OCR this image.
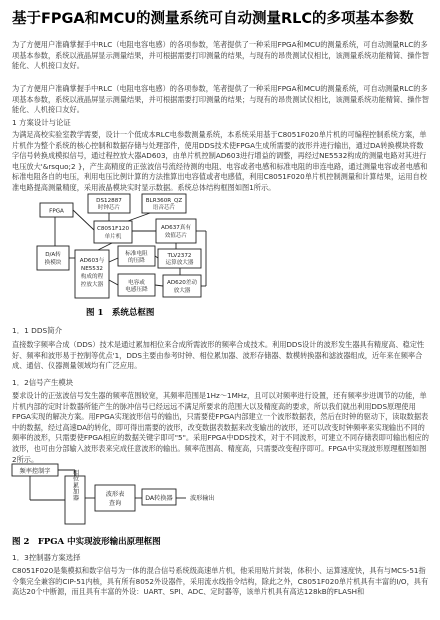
基于FPGA和MCU的测量系统可自动测量RLC的多项基本参数

为了方便用户准确掌握手中RLC（电阻电容电感）的各项参数，笔者提供了一种采用FPGA和MCU的测量系统，可自动测量RLC的多项基本参数，系统以液晶屏显示测量结果，并可根据需要打印测量的结果，与现有的昂贵测试仪相比，该测量系统功能精简、操作智能化、人机接口友好。

为了方便用户准确掌握手中RLC（电阻电容电感）的各项参数，笔者提供了一种采用FPGA和MCU的测量系统，可自动测量RLC的多项基本参数，系统以液晶屏显示测量结果，并可根据需要打印测量的结果；与现有的昂贵测试仪相比，该测量系统功能精简、操作智能化、人机接口友好。

1 方案设计与论证

为满足高校实验室教学需要，设计一个低成本RLC电参数测量系统，本系统采用基于C8051F020单片机的可编程控制系统方案，单片机作为整个系统的核心控制和数据存储与处理部件，使用DDS技术使FPGA生成所需要的波形并进行输出，通过DA转换模块将数字信号转换成模拟信号，通过程控放大器AD603，由单片机控制AD603进行增益的调整，再经过NE5532构成的测量电路对其进行电压放大'&rsquo;2 }，产生高精度的正弦波信号流经待测的电阻、电容或者电感和标准电阻的串连电路，通过测量电容或者电感和标准电阻各自的电压，利用电压比例计算的方法推算出电容值或者电感值，利用C8051F020单片机控制测量和计算结果，运用自校准电路提高测量精度，采用液晶模块实时显示数据。系统总体结构框图如图1所示。

FPGA
DS12887
时钟芯片
BLR360R_QZ
语音芯片
C8051F120
单片机
AD637真有
效值芯片
D/A转
换模块	AD603与
NE5532
构成的程
控放大器
标准电阻
的压降
电容或
电感压降
TLV2372
运算放大器
AD620差动
放大器
图 1　系统总框图
1．1 DDS简介

直接数字频率合成（DDS）技术是通过累加相位来合成所需波形的频率合成技术。利用DDS设计的波形发生器具有精度高、稳定性好、频率和波形易于控制等优点'1，DDS主要由参考时钟、相位累加器、波形存储器、数模转换器和滤波器组成，近年来在频率合成、通信、仪器测量领域均有广泛应用。

1．2信号产生模块

要求设计的正弦波信号发生器的频率范围较宽，其频率范围是1Hz～1MHz，且可以对频率进行设置，还有频率步进调节的功能，单片机内部的定时计数器所能产生的脉冲信号已经远远不满足所要求的范围大以及精度高的要求，所以我们就出利用DDS原理使用FPGA实现的解决方案。用FPGA实现波形信号的输出，只需要使FPGA内部建立一个波形数据表，然后在时钟的驱动下，读取数据表中的数据，经过高速DA的转化，即可得出需要的波形，改变数据表数据来改变输出的波形，还可以改变时钟频率来实现输出不同的频率的波形，只需要使FPGA相应的数据关键字即可"5"。采用FPGA中DDS技术，对于不同波形，可建立不同存储表即可输出相应的波形，也可由分部输入波形表来完成任意波形的输出。频率范围高、精度高，只需要改变程序即可。FPGA中实现波形原理框图如图2所示。

频率控制字	相位累加器	波形表
查询
DA转换器	波形输出
图 2　FPGA 中实现波形输出原理框图
1．3控制器方案选择

C8051F020是集模拟和数字信号为一体的混合信号系统级高速单片机，他采用贴片封装，体积小、运算速度快，具有与MCS-51指令集完全兼容的CIP-51内核，具有所有8052外设器件，采用流水线指令结构，除此之外，C8051F020单片机具有丰富的I/O，具有高达20个中断源，而且具有丰富的外设：UART、SPI、ADC、定时器等，该单片机具有高达128kB的FLASH和
